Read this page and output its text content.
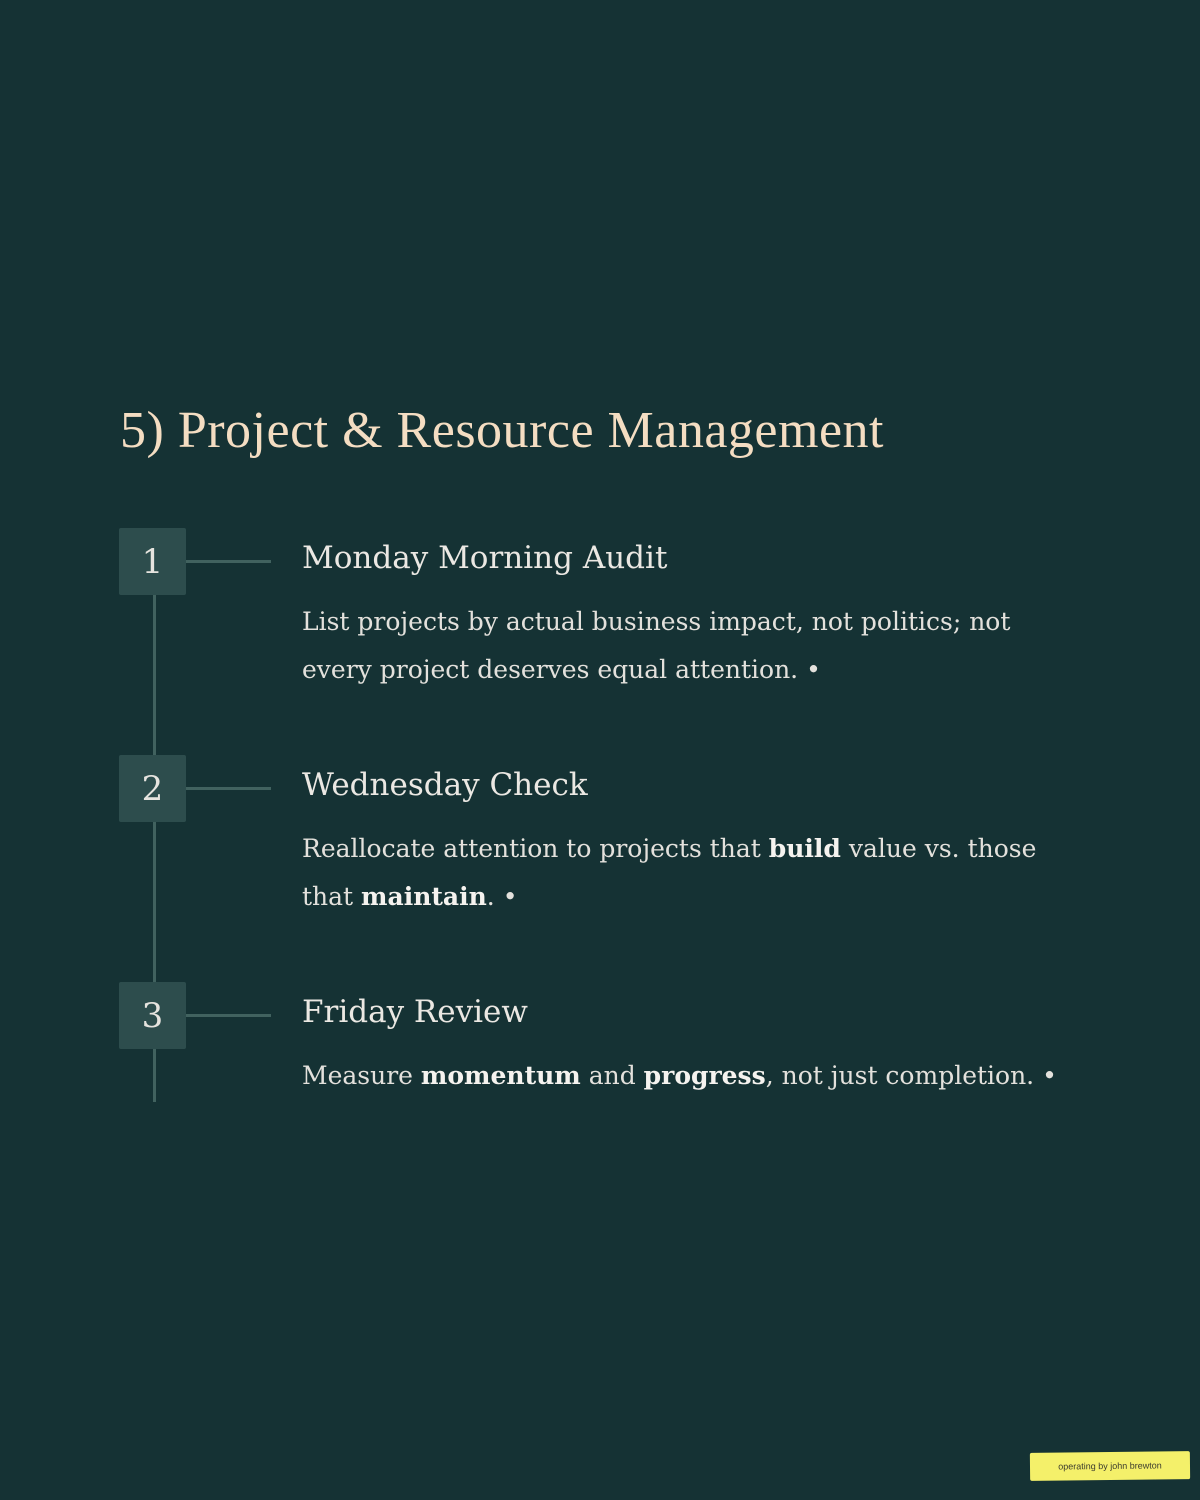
5) Project & Resource Management
1	Monday Morning Audit

List projects by actual business impact, not politics; not every project deserves equal attention. •

2	Wednesday Check

Reallocate attention to projects that build value vs. those that maintain. •

3	Friday Review

Measure momentum and progress, not just completion. •

operating by john brewton
